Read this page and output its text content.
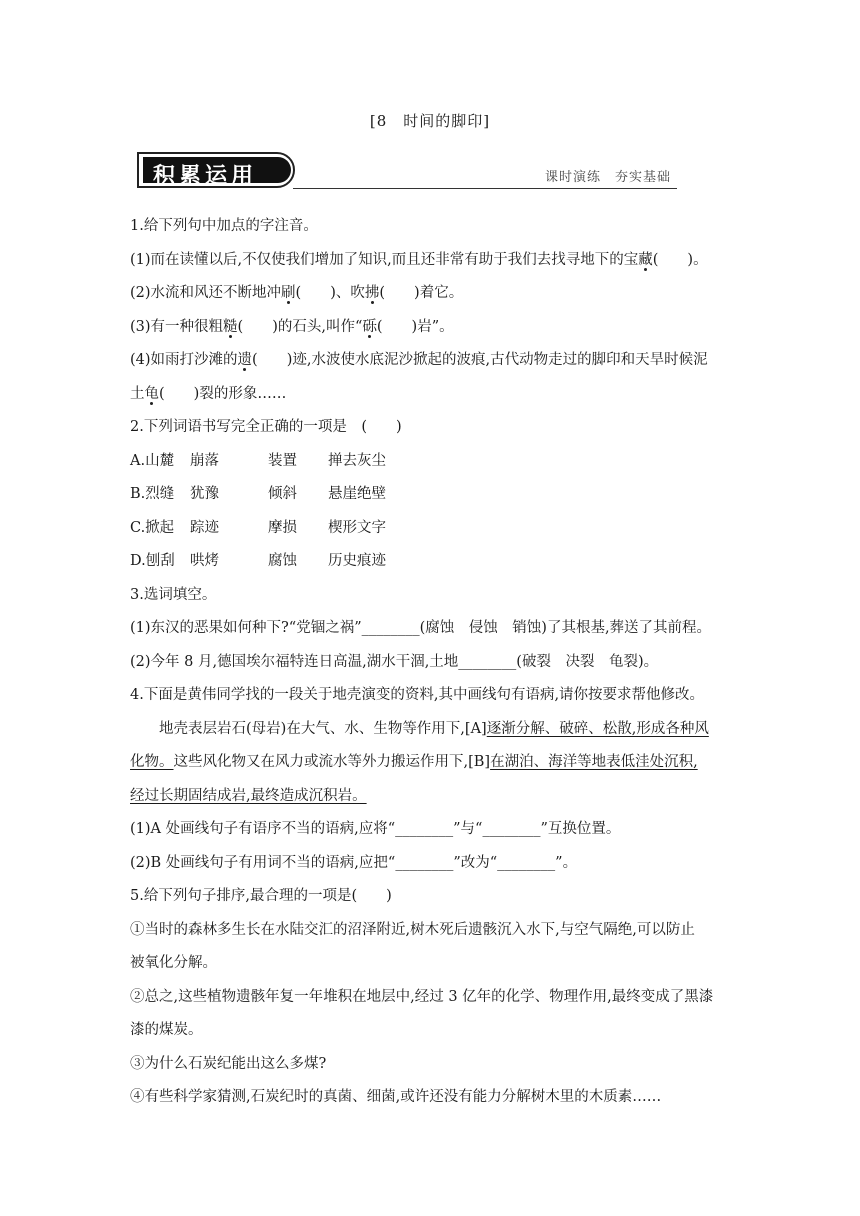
[8　时间的脚印]
积累运用	课时演练　夯实基础
1.给下列句中加点的字注音。
(1)而在读懂以后,不仅使我们增加了知识,而且还非常有助于我们去找寻地下的宝藏(　　)。
(2)水流和风还不断地冲刷(　　)、吹拂(　　)着它。
(3)有一种很粗糙(　　)的石头,叫作“砾(　　)岩”。
(4)如雨打沙滩的遗(　　)迹,水波使水底泥沙掀起的波痕,古代动物走过的脚印和天旱时候泥
土龟(　　)裂的形象……
2.下列词语书写完全正确的一项是　(　　)
A.山麓 崩落	装置 掸去灰尘
B.烈缝 犹豫	倾斜 悬崖绝壁
C.掀起 踪迹	摩损 楔形文字
D.刨刮 哄烤	腐蚀 历史痕迹
3.选词填空。
(1)东汉的恶果如何种下?“党锢之祸”________(腐蚀　侵蚀　销蚀)了其根基,葬送了其前程。
(2)今年 8 月,德国埃尔福特连日高温,湖水干涸,土地________(破裂　决裂　龟裂)。
4.下面是黄伟同学找的一段关于地壳演变的资料,其中画线句有语病,请你按要求帮他修改。
地壳表层岩石(母岩)在大气、水、生物等作用下,[A]逐渐分解、破碎、松散,形成各种风
化物。这些风化物又在风力或流水等外力搬运作用下,[B]在湖泊、海洋等地表低洼处沉积,
经过长期固结成岩,最终造成沉积岩。
(1)A 处画线句子有语序不当的语病,应将“________”与“________”互换位置。
(2)B 处画线句子有用词不当的语病,应把“________”改为“________”。
5.给下列句子排序,最合理的一项是(　　)
①当时的森林多生长在水陆交汇的沼泽附近,树木死后遗骸沉入水下,与空气隔绝,可以防止
被氧化分解。
②总之,这些植物遗骸年复一年堆积在地层中,经过 3 亿年的化学、物理作用,最终变成了黑漆
漆的煤炭。
③为什么石炭纪能出这么多煤?
④有些科学家猜测,石炭纪时的真菌、细菌,或许还没有能力分解树木里的木质素……
